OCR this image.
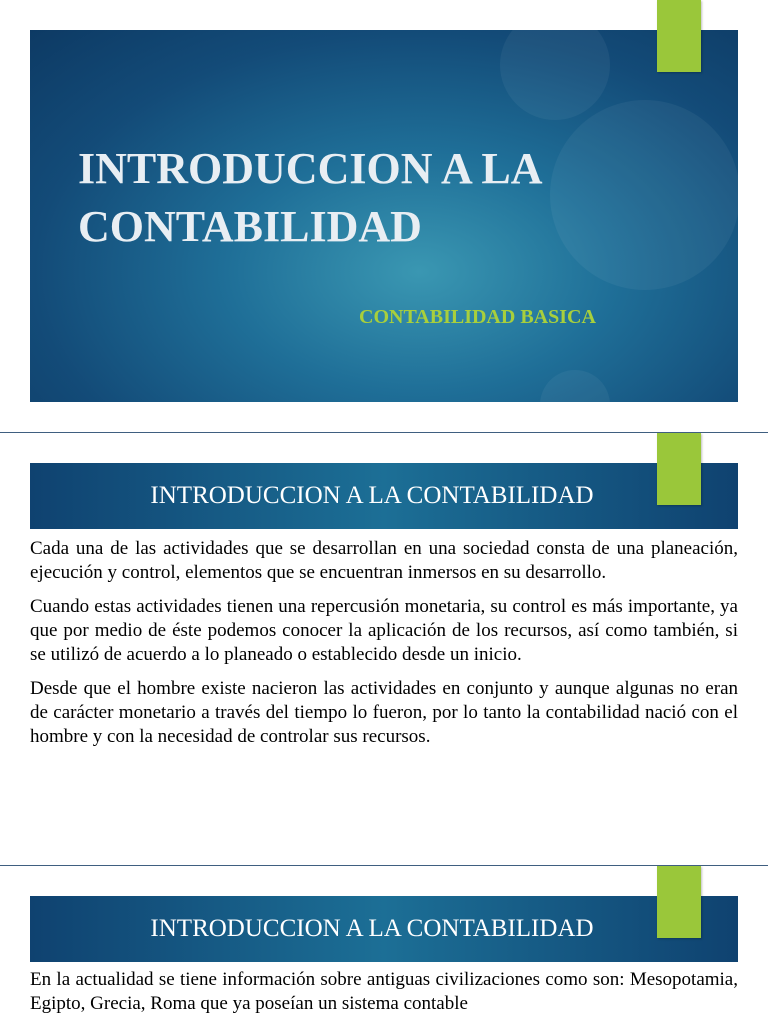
INTRODUCCION A LA CONTABILIDAD

CONTABILIDAD BASICA

INTRODUCCION A LA CONTABILIDAD

Cada una de las actividades que se desarrollan en una sociedad consta de una planeación, ejecución y control, elementos que se encuentran inmersos en su desarrollo.

Cuando estas actividades tienen una repercusión monetaria, su control es más importante, ya que por medio de éste podemos conocer la aplicación de los recursos, así como también, si se utilizó de acuerdo a lo planeado o establecido desde un inicio.

Desde que el hombre existe nacieron las actividades en conjunto y aunque algunas no eran de carácter monetario a través del tiempo lo fueron, por lo tanto la contabilidad nació con el hombre y con la necesidad de controlar sus recursos.

INTRODUCCION A LA CONTABILIDAD

En la actualidad se tiene información sobre antiguas civilizaciones como son: Mesopotamia, Egipto, Grecia, Roma que ya poseían un sistema contable
